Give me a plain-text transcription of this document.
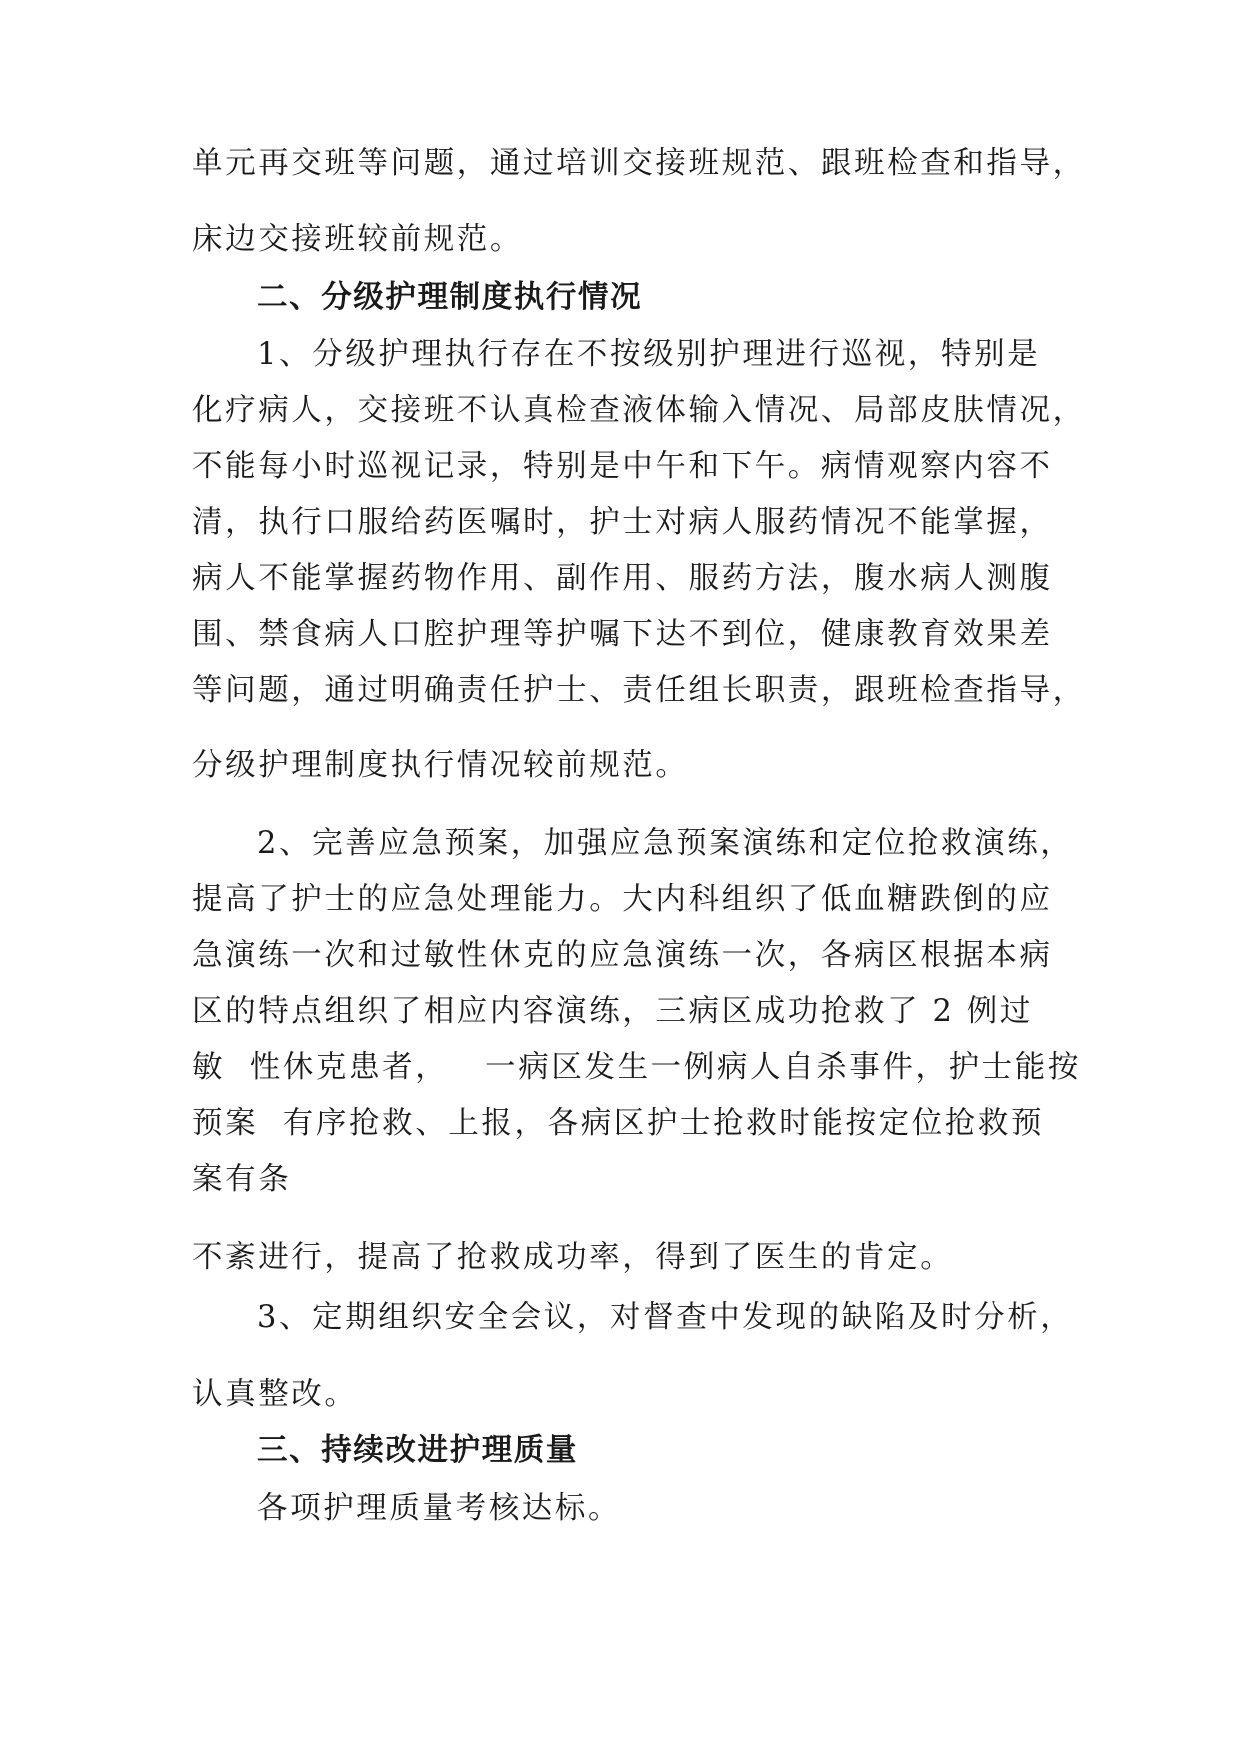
单元再交班等问题，通过培训交接班规范、跟班检查和指导，
床边交接班较前规范。
二、分级护理制度执行情况
1、分级护理执行存在不按级别护理进行巡视，特别是
化疗病人，交接班不认真检查液体输入情况、局部皮肤情况，
不能每小时巡视记录，特别是中午和下午。病情观察内容不
清，执行口服给药医嘱时，护士对病人服药情况不能掌握，
病人不能掌握药物作用、副作用、服药方法，腹水病人测腹
围、禁食病人口腔护理等护嘱下达不到位，健康教育效果差
等问题，通过明确责任护士、责任组长职责，跟班检查指导，
分级护理制度执行情况较前规范。
2、完善应急预案，加强应急预案演练和定位抢救演练，
提高了护士的应急处理能力。大内科组织了低血糖跌倒的应
急演练一次和过敏性休克的应急演练一次，各病区根据本病
区的特点组织了相应内容演练，三病区成功抢救了 2 例过
敏  性休克患者，   一病区发生一例病人自杀事件，护士能按
预案  有序抢救、上报，各病区护士抢救时能按定位抢救预
案有条
不紊进行，提高了抢救成功率，得到了医生的肯定。
3、定期组织安全会议，对督查中发现的缺陷及时分析，
认真整改。
三、持续改进护理质量
各项护理质量考核达标。
